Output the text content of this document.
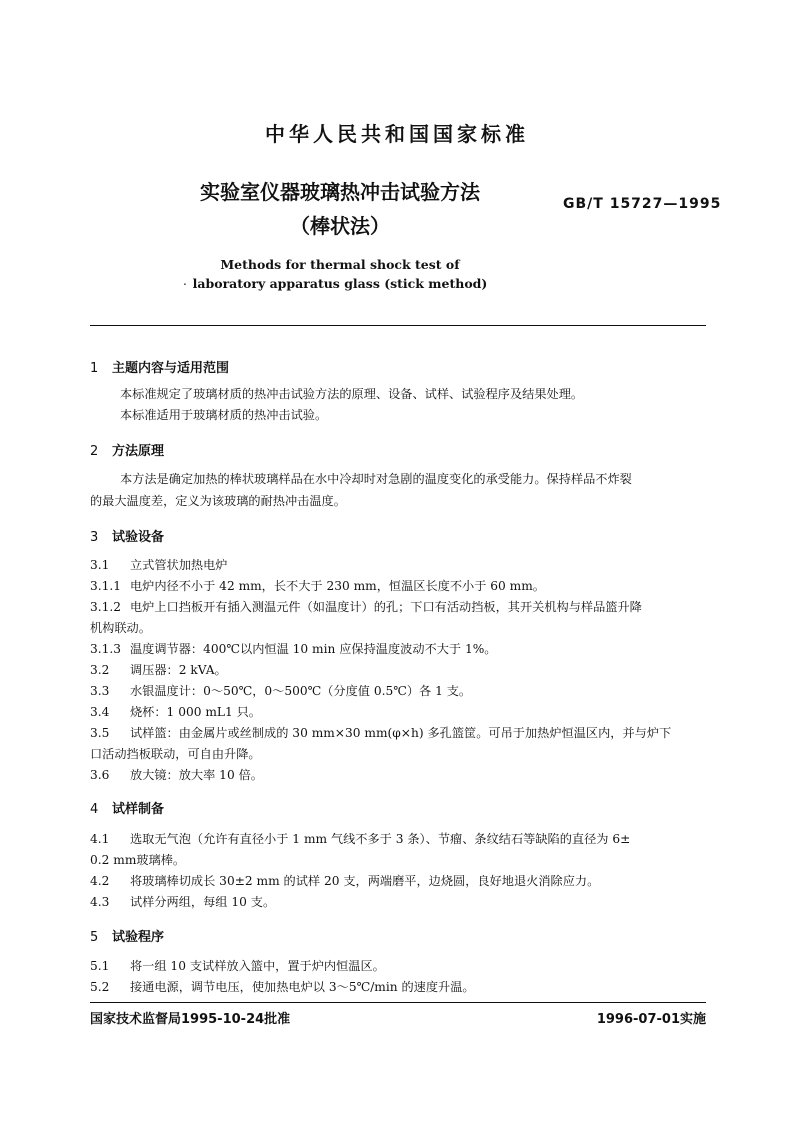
中华人民共和国国家标准
实验室仪器玻璃热冲击试验方法
（棒状法）
GB/T 15727—1995
Methods for thermal shock test of
. laboratory apparatus glass (stick method)
1 主题内容与适用范围
本标准规定了玻璃材质的热冲击试验方法的原理、设备、试样、试验程序及结果处理。
本标准适用于玻璃材质的热冲击试验。
2 方法原理
本方法是确定加热的棒状玻璃样品在水中冷却时对急剧的温度变化的承受能力。保持样品不炸裂
的最大温度差，定义为该玻璃的耐热冲击温度。
3 试验设备
3.1 立式管状加热电炉
3.1.1 电炉内径不小于 42 mm，长不大于 230 mm，恒温区长度不小于 60 mm。
3.1.2 电炉上口挡板开有插入测温元件（如温度计）的孔；下口有活动挡板，其开关机构与样品篮升降
机构联动。
3.1.3 温度调节器：400℃以内恒温 10 min 应保持温度波动不大于 1%。
3.2 调压器：2 kVA。
3.3 水银温度计：0～50℃，0～500℃（分度值 0.5℃）各 1 支。
3.4 烧杯：1 000 mL1 只。
3.5 试样篮：由金属片或丝制成的 30 mm×30 mm(φ×h) 多孔篮筐。可吊于加热炉恒温区内，并与炉下
口活动挡板联动，可自由升降。
3.6 放大镜：放大率 10 倍。
4 试样制备
4.1 选取无气泡（允许有直径小于 1 mm 气线不多于 3 条）、节瘤、条纹结石等缺陷的直径为 6±
0.2 mm玻璃棒。
4.2 将玻璃棒切成长 30±2 mm 的试样 20 支，两端磨平，边烧圆，良好地退火消除应力。
4.3 试样分两组，每组 10 支。
5 试验程序
5.1 将一组 10 支试样放入篮中，置于炉内恒温区。
5.2 接通电源，调节电压，使加热电炉以 3～5℃/min 的速度升温。
国家技术监督局1995-10-24批准	1996-07-01实施
